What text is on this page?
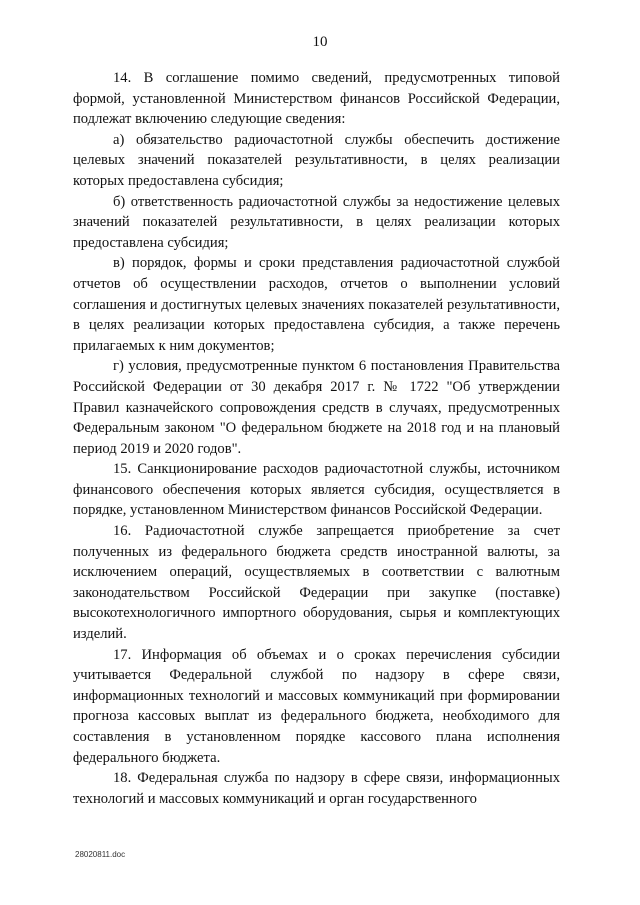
10

14. В соглашение помимо сведений, предусмотренных типовой формой, установленной Министерством финансов Российской Федерации, подлежат включению следующие сведения:

а) обязательство радиочастотной службы обеспечить достижение целевых значений показателей результативности, в целях реализации которых предоставлена субсидия;

б) ответственность радиочастотной службы за недостижение целевых значений показателей результативности, в целях реализации которых предоставлена субсидия;

в) порядок, формы и сроки представления радиочастотной службой отчетов об осуществлении расходов, отчетов о выполнении условий соглашения и достигнутых целевых значениях показателей результативности, в целях реализации которых предоставлена субсидия, а также перечень прилагаемых к ним документов;

г) условия, предусмотренные пунктом 6 постановления Правительства Российской Федерации от 30 декабря 2017 г. № 1722 "Об утверждении Правил казначейского сопровождения средств в случаях, предусмотренных Федеральным законом "О федеральном бюджете на 2018 год и на плановый период 2019 и 2020 годов".

15. Санкционирование расходов радиочастотной службы, источником финансового обеспечения которых является субсидия, осуществляется в порядке, установленном Министерством финансов Российской Федерации.

16. Радиочастотной службе запрещается приобретение за счет полученных из федерального бюджета средств иностранной валюты, за исключением операций, осуществляемых в соответствии с валютным законодательством Российской Федерации при закупке (поставке) высокотехнологичного импортного оборудования, сырья и комплектующих изделий.

17. Информация об объемах и о сроках перечисления субсидии учитывается Федеральной службой по надзору в сфере связи, информационных технологий и массовых коммуникаций при формировании прогноза кассовых выплат из федерального бюджета, необходимого для составления в установленном порядке кассового плана исполнения федерального бюджета.

18. Федеральная служба по надзору в сфере связи, информационных технологий и массовых коммуникаций и орган государственного

28020811.doc
